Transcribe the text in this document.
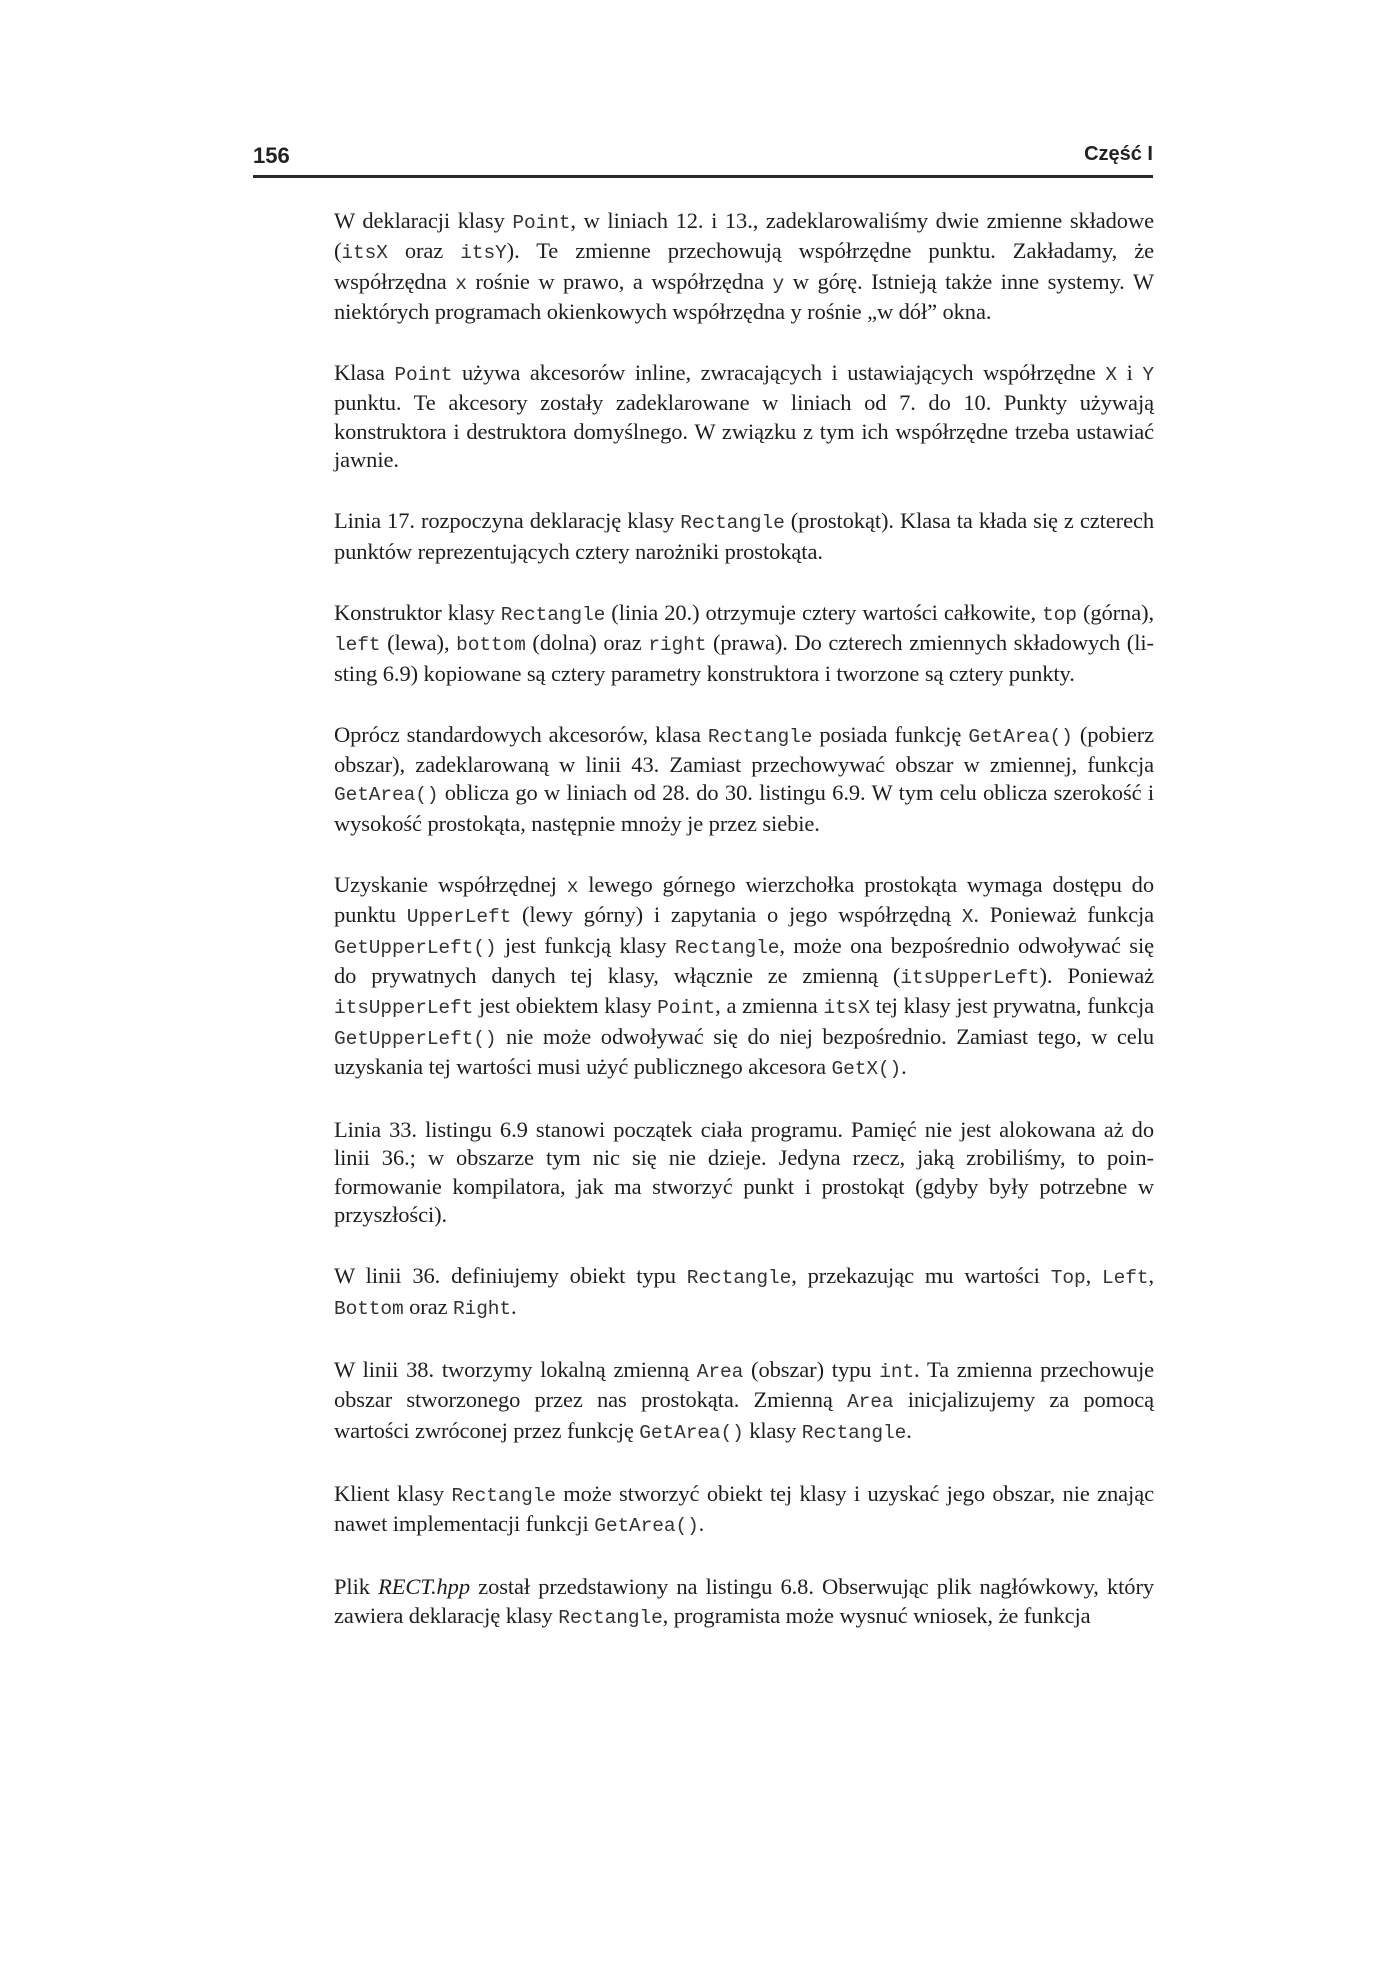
156	Część I

W deklaracji klasy Point, w liniach 12. i 13., zadeklarowaliśmy dwie zmienne składowe (itsX oraz itsY). Te zmienne przechowują współrzędne punktu. Zakładamy, że współrzędna x rośnie w prawo, a współrzędna y w górę. Istnieją także inne systemy. W niektórych programach okienkowych współrzędna y rośnie „w dół” okna.

Klasa Point używa akcesorów inline, zwracających i ustawiających współrzędne X i Y punktu. Te akcesory zostały zadeklarowane w liniach od 7. do 10. Punkty używają konstruktora i destruktora domyślnego. W związku z tym ich współrzędne trzeba ustawiać jawnie.

Linia 17. rozpoczyna deklarację klasy Rectangle (prostokąt). Klasa ta kłada się z czterech punktów reprezentujących cztery narożniki prostokąta.

Konstruktor klasy Rectangle (linia 20.) otrzymuje cztery wartości całkowite, top (górna), left (lewa), bottom (dolna) oraz right (prawa). Do czterech zmiennych składowych (listing 6.9) kopiowane są cztery parametry konstruktora i tworzone są cztery punkty.

Oprócz standardowych akcesorów, klasa Rectangle posiada funkcję GetArea() (pobierz obszar), zadeklarowaną w linii 43. Zamiast przechowywać obszar w zmiennej, funkcja GetArea() oblicza go w liniach od 28. do 30. listingu 6.9. W tym celu oblicza szerokość i wysokość prostokąta, następnie mnoży je przez siebie.

Uzyskanie współrzędnej x lewego górnego wierzchołka prostokąta wymaga dostępu do punktu UpperLeft (lewy górny) i zapytania o jego współrzędną X. Ponieważ funkcja GetUpperLeft() jest funkcją klasy Rectangle, może ona bezpośrednio odwoływać się do prywatnych danych tej klasy, włącznie ze zmienną (itsUpperLeft). Ponieważ itsUpperLeft jest obiektem klasy Point, a zmienna itsX tej klasy jest prywatna, funkcja GetUpperLeft() nie może odwoływać się do niej bezpośrednio. Zamiast tego, w celu uzyskania tej wartości musi użyć publicznego akcesora GetX().

Linia 33. listingu 6.9 stanowi początek ciała programu. Pamięć nie jest alokowana aż do linii 36.; w obszarze tym nic się nie dzieje. Jedyna rzecz, jaką zrobiliśmy, to poinformowanie kompilatora, jak ma stworzyć punkt i prostokąt (gdyby były potrzebne w przyszłości).

W linii 36. definiujemy obiekt typu Rectangle, przekazując mu wartości Top, Left, Bottom oraz Right.

W linii 38. tworzymy lokalną zmienną Area (obszar) typu int. Ta zmienna przechowuje obszar stworzonego przez nas prostokąta. Zmienną Area inicjalizujemy za pomocą wartości zwróconej przez funkcję GetArea() klasy Rectangle.

Klient klasy Rectangle może stworzyć obiekt tej klasy i uzyskać jego obszar, nie znając nawet implementacji funkcji GetArea().

Plik RECT.hpp został przedstawiony na listingu 6.8. Obserwując plik nagłówkowy, który zawiera deklarację klasy Rectangle, programista może wysnuć wniosek, że funkcja
